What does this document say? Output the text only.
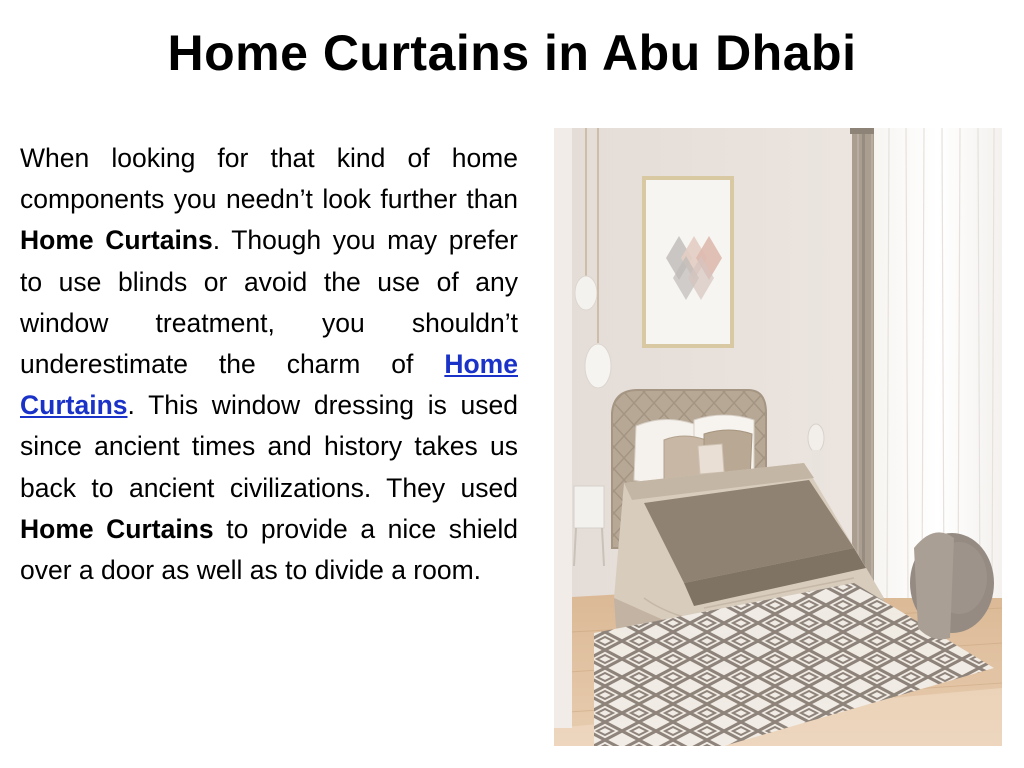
Home Curtains in Abu Dhabi

When looking for that kind of home components you needn’t look further than Home Curtains. Though you may prefer to use blinds or avoid the use of any window treatment, you shouldn’t underestimate the charm of Home Curtains. This window dressing is used since ancient times and history takes us back to ancient civilizations. They used Home Curtains to provide a nice shield over a door as well as to divide a room.
